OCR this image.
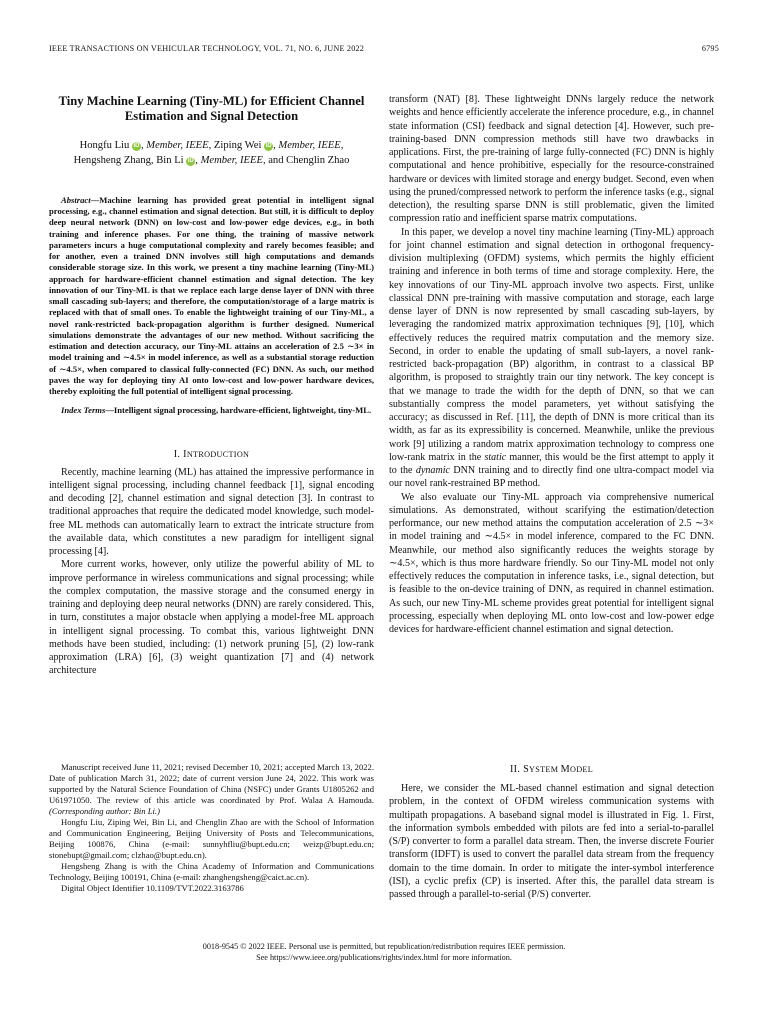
IEEE TRANSACTIONS ON VEHICULAR TECHNOLOGY, VOL. 71, NO. 6, JUNE 2022	6795
Tiny Machine Learning (Tiny-ML) for Efficient Channel Estimation and Signal Detection
Hongfu Liu iD , Member, IEEE, Ziping Wei iD , Member, IEEE,
Hengsheng Zhang, Bin Li iD , Member, IEEE, and Chenglin Zhao

Abstract—Machine learning has provided great potential in intelligent signal processing, e.g., channel estimation and signal detection. But still, it is difficult to deploy deep neural network (DNN) on low-cost and low-power edge devices, e.g., in both training and inference phases. For one thing, the training of massive network parameters incurs a huge computational complexity and rarely becomes feasible; and for another, even a trained DNN involves still high computations and demands considerable storage size. In this work, we present a tiny machine learning (Tiny-ML) approach for hardware-efficient channel estimation and signal detection. The key innovation of our Tiny-ML is that we replace each large dense layer of DNN with three small cascading sub-layers; and therefore, the computation/storage of a large matrix is replaced with that of small ones. To enable the lightweight training of our Tiny-ML, a novel rank-restricted back-propagation algorithm is further designed. Numerical simulations demonstrate the advantages of our new method. Without sacrificing the estimation and detection accuracy, our Tiny-ML attains an acceleration of 2.5 ∼3× in model training and ∼4.5× in model inference, as well as a substantial storage reduction of ∼4.5×, when compared to classical fully-connected (FC) DNN. As such, our method paves the way for deploying tiny AI onto low-cost and low-power hardware devices, thereby exploiting the full potential of intelligent signal processing.

Index Terms—Intelligent signal processing, hardware-efficient, lightweight, tiny-ML.

I. INTRODUCTION

Recently, machine learning (ML) has attained the impressive performance in intelligent signal processing, including channel feedback [1], signal encoding and decoding [2], channel estimation and signal detection [3]. In contrast to traditional approaches that require the dedicated model knowledge, such model-free ML methods can automatically learn to extract the intricate structure from the available data, which constitutes a new paradigm for intelligent signal processing [4].

More current works, however, only utilize the powerful ability of ML to improve performance in wireless communications and signal processing; while the complex computation, the massive storage and the consumed energy in training and deploying deep neural networks (DNN) are rarely considered. This, in turn, constitutes a major obstacle when applying a model-free ML approach in intelligent signal processing. To combat this, various lightweight DNN methods have been studied, including: (1) network pruning [5], (2) low-rank approximation (LRA) [6], (3) weight quantization [7] and (4) network architecture

Manuscript received June 11, 2021; revised December 10, 2021; accepted March 13, 2022. Date of publication March 31, 2022; date of current version June 24, 2022. This work was supported by the Natural Science Foundation of China (NSFC) under Grants U1805262 and U61971050. The review of this article was coordinated by Prof. Walaa A Hamouda. (Corresponding author: Bin Li.)

Hongfu Liu, Ziping Wei, Bin Li, and Chenglin Zhao are with the School of Information and Communication Engineering, Beijing University of Posts and Telecommunications, Beijing 100876, China (e-mail: sunnyhfliu@bupt.edu.cn; weizp@bupt.edu.cn; stonebupt@gmail.com; clzhao@bupt.edu.cn).

Hengsheng Zhang is with the China Academy of Information and Communications Technology, Beijing 100191, China (e-mail: zhanghengsheng@caict.ac.cn).

Digital Object Identifier 10.1109/TVT.2022.3163786

transform (NAT) [8]. These lightweight DNNs largely reduce the network weights and hence efficiently accelerate the inference procedure, e.g., in channel state information (CSI) feedback and signal detection [4]. However, such pre-training-based DNN compression methods still have two drawbacks in applications. First, the pre-training of large fully-connected (FC) DNN is highly computational and hence prohibitive, especially for the resource-constrained hardware or devices with limited storage and energy budget. Second, even when using the pruned/compressed network to perform the inference tasks (e.g., signal detection), the resulting sparse DNN is still problematic, given the limited compression ratio and inefficient sparse matrix computations.

In this paper, we develop a novel tiny machine learning (Tiny-ML) approach for joint channel estimation and signal detection in orthogonal frequency-division multiplexing (OFDM) systems, which permits the highly efficient training and inference in both terms of time and storage complexity. Here, the key innovations of our Tiny-ML approach involve two aspects. First, unlike classical DNN pre-training with massive computation and storage, each large dense layer of DNN is now represented by small cascading sub-layers, by leveraging the randomized matrix approximation techniques [9], [10], which effectively reduces the required matrix computation and the memory size. Second, in order to enable the updating of small sub-layers, a novel rank-restricted back-propagation (BP) algorithm, in contrast to a classical BP algorithm, is proposed to straightly train our tiny network. The key concept is that we manage to trade the width for the depth of DNN, so that we can substantially compress the model parameters, yet without satisfying the accuracy; as discussed in Ref. [11], the depth of DNN is more critical than its width, as far as its expressibility is concerned. Meanwhile, unlike the previous work [9] utilizing a random matrix approximation technology to compress one low-rank matrix in the static manner, this would be the first attempt to apply it to the dynamic DNN training and to directly find one ultra-compact model via our novel rank-restrained BP method.

We also evaluate our Tiny-ML approach via comprehensive numerical simulations. As demonstrated, without scarifying the estimation/detection performance, our new method attains the computation acceleration of 2.5 ∼3× in model training and ∼4.5× in model inference, compared to the FC DNN. Meanwhile, our method also significantly reduces the weights storage by ∼4.5×, which is thus more hardware friendly. So our Tiny-ML model not only effectively reduces the computation in inference tasks, i.e., signal detection, but is feasible to the on-device training of DNN, as required in channel estimation. As such, our new Tiny-ML scheme provides great potential for intelligent signal processing, especially when deploying ML onto low-cost and low-power edge devices for hardware-efficient channel estimation and signal detection.

II. SYSTEM MODEL

Here, we consider the ML-based channel estimation and signal detection problem, in the context of OFDM wireless communication systems with multipath propagations. A baseband signal model is illustrated in Fig. 1. First, the information symbols embedded with pilots are fed into a serial-to-parallel (S/P) converter to form a parallel data stream. Then, the inverse discrete Fourier transform (IDFT) is used to convert the parallel data stream from the frequency domain to the time domain. In order to mitigate the inter-symbol interference (ISI), a cyclic prefix (CP) is inserted. After this, the parallel data stream is passed through a parallel-to-serial (P/S) converter.

0018-9545 © 2022 IEEE. Personal use is permitted, but republication/redistribution requires IEEE permission.
See https://www.ieee.org/publications/rights/index.html for more information.
